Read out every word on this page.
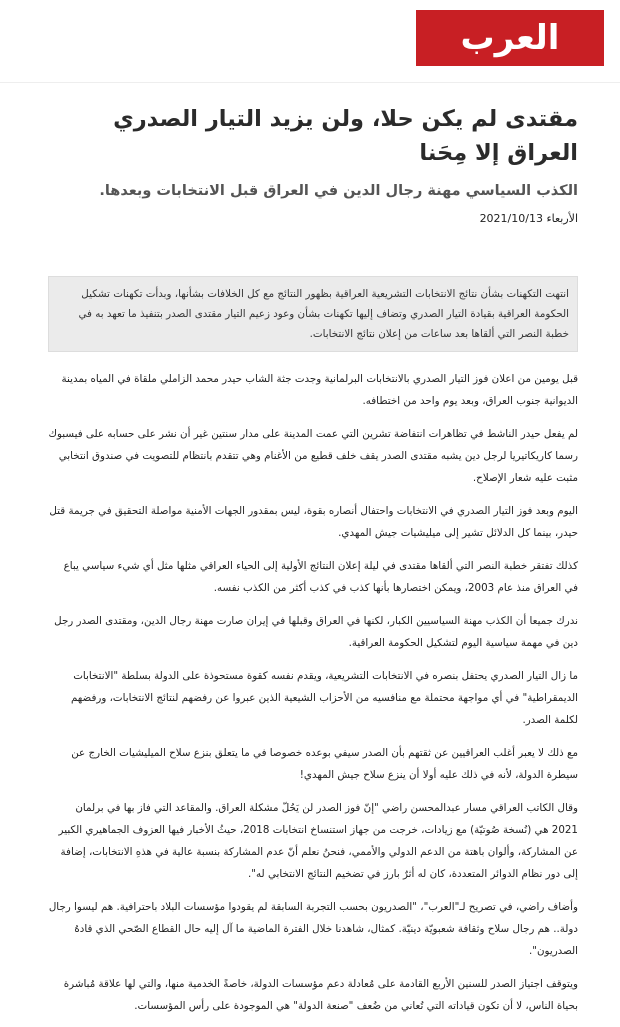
العرب
مقتدى لم يكن حلا، ولن يزيد التيار الصدري العراق إلا مِحَنا
الكذب السياسي مهنة رجال الدين في العراق قبل الانتخابات وبعدها.
الأربعاء 2021/10/13
انتهت التكهنات بشأن نتائج الانتخابات التشريعية العراقية بظهور النتائج مع كل الخلافات بشأنها، وبدأت تكهنات تشكيل الحكومة العراقية بقيادة التيار الصدري وتضاف إليها تكهنات بشأن وعود زعيم التيار مقتدى الصدر بتنفيذ ما تعهد به في خطبة النصر التي ألقاها بعد ساعات من إعلان نتائج الانتخابات.

قبل يومين من اعلان فوز التيار الصدري بالانتخابات البرلمانية وجدت جثة الشاب حيدر محمد الزاملي ملقاة في المياه بمدينة الديوانية جنوب العراق، وبعد يوم واحد من اختطافه.

لم يفعل حيدر الناشط في تظاهرات انتفاضة تشرين التي عمت المدينة على مدار سنتين غير أن نشر على حسابه على فيسبوك رسما كاريكاتيريا لرجل دين يشبه مقتدى الصدر يقف خلف قطيع من الأغنام وهي تتقدم بانتظام للتصويت في صندوق انتخابي مثبت عليه شعار الإصلاح.

اليوم وبعد فوز التيار الصدري في الانتخابات واحتفال أنصاره بقوة، ليس بمقدور الجهات الأمنية مواصلة التحقيق في جريمة قتل حيدر، بينما كل الدلائل تشير إلى ميليشيات جيش المهدي.

كذلك تفتقر خطبة النصر التي ألقاها مقتدى في ليلة إعلان النتائج الأولية إلى الحياء العراقي مثلها مثل أي شيء سياسي يباع في العراق منذ عام 2003، ويمكن اختصارها بأنها كذب في كذب أكثر من الكذب نفسه.

ندرك جميعا أن الكذب مهنة السياسيين الكبار، لكنها في العراق وقبلها في إيران صارت مهنة رجال الدين، ومقتدى الصدر رجل دين في مهمة سياسية اليوم لتشكيل الحكومة العراقية.

ما زال التيار الصدري يحتفل بنصره في الانتخابات التشريعية، ويقدم نفسه كقوة مستحوذة على الدولة بسلطة "الانتخابات الديمقراطية" في أي مواجهة محتملة مع منافسيه من الأحزاب الشيعية الذين عبروا عن رفضهم لنتائج الانتخابات، ورفضهم لكلمة الصدر.

مع ذلك لا يعبر أغلب العراقيين عن ثقتهم بأن الصدر سيفي بوعده خصوصا في ما يتعلق بنزع سلاح الميليشيات الخارج عن سيطرة الدولة، لأنه في ذلك عليه أولا أن ينزع سلاح جيش المهدي!

وقال الكاتب العراقي مسار عبدالمحسن راضي "إنّ فوز الصدر لن يَحُلّ مشكلة العراق. والمقاعد التي فاز بها في برلمان 2021 هي (نُسخة صُوتيّة) مع زيادات، خرجت من جهاز استنساخ انتخابات 2018، حيثُ الأخبار فيها العزوف الجماهيري الكبير عن المشاركة، وألوان باهتة من الدعم الدولي والأممي، فنحنُ نعلم أنّ عدم المشاركة بنسبة عالية في هذهِ الانتخابات، إضافة إلى دور نظام الدوائر المتعددة، كان له أثرٌ بارز في تضخيم النتائج الانتخابي له".

وأضاف راضي، في تصريح لـ"العرب"، "الصدريون بحسب التجربة السابقة لم يقودوا مؤسسات البلاد باحترافية. هم ليسوا رجال دولة.. هم رجال سلاح وثقافة شعبويّة دينيّة. كمثال، شاهدنا خلال الفترة الماضية ما آل إليه حال القطاع الصّحي الذي قادهُ الصدريون".

ويتوقف اجتياز الصدر للسنين الأربع القادمة على مُعادلة دعم مؤسسات الدولة، خاصةً الخدمية منها، والتي لها علاقة مُباشرة بحياة الناس، لا أن تكون قياداته التي تُعاني من ضُعف "صنعة الدولة" هي الموجودة على رأس المؤسسات.
